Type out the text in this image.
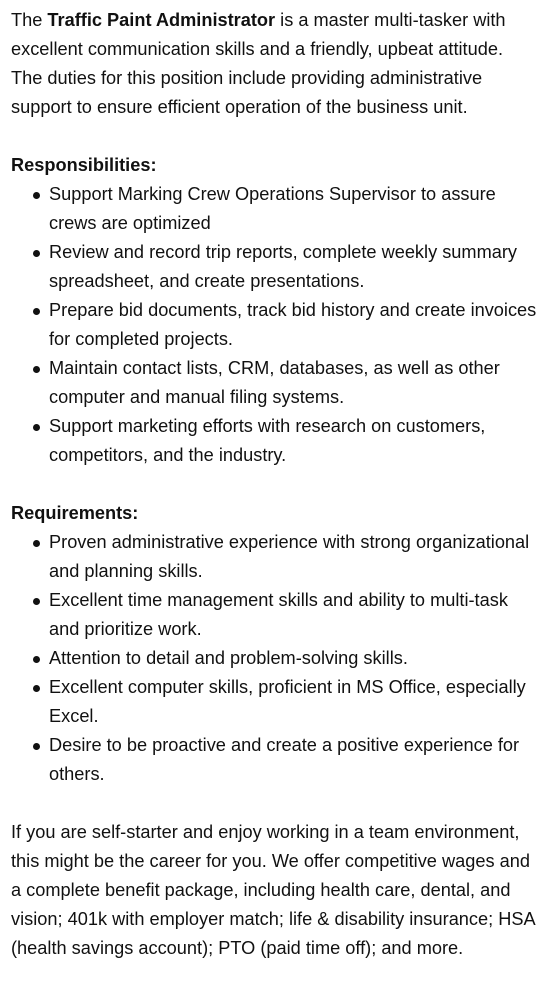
The Traffic Paint Administrator is a master multi-tasker with excellent communication skills and a friendly, upbeat attitude. The duties for this position include providing administrative support to ensure efficient operation of the business unit.

Responsibilities:
Support Marking Crew Operations Supervisor to assure crews are optimized
Review and record trip reports, complete weekly summary spreadsheet, and create presentations.
Prepare bid documents, track bid history and create invoices for completed projects.
Maintain contact lists, CRM, databases, as well as other computer and manual filing systems.
Support marketing efforts with research on customers, competitors, and the industry.
Requirements:
Proven administrative experience with strong organizational and planning skills.
Excellent time management skills and ability to multi-task and prioritize work.
Attention to detail and problem-solving skills.
Excellent computer skills, proficient in MS Office, especially Excel.
Desire to be proactive and create a positive experience for others.

If you are self-starter and enjoy working in a team environment, this might be the career for you. We offer competitive wages and a complete benefit package, including health care, dental, and vision; 401k with employer match; life & disability insurance; HSA (health savings account); PTO (paid time off); and more.
